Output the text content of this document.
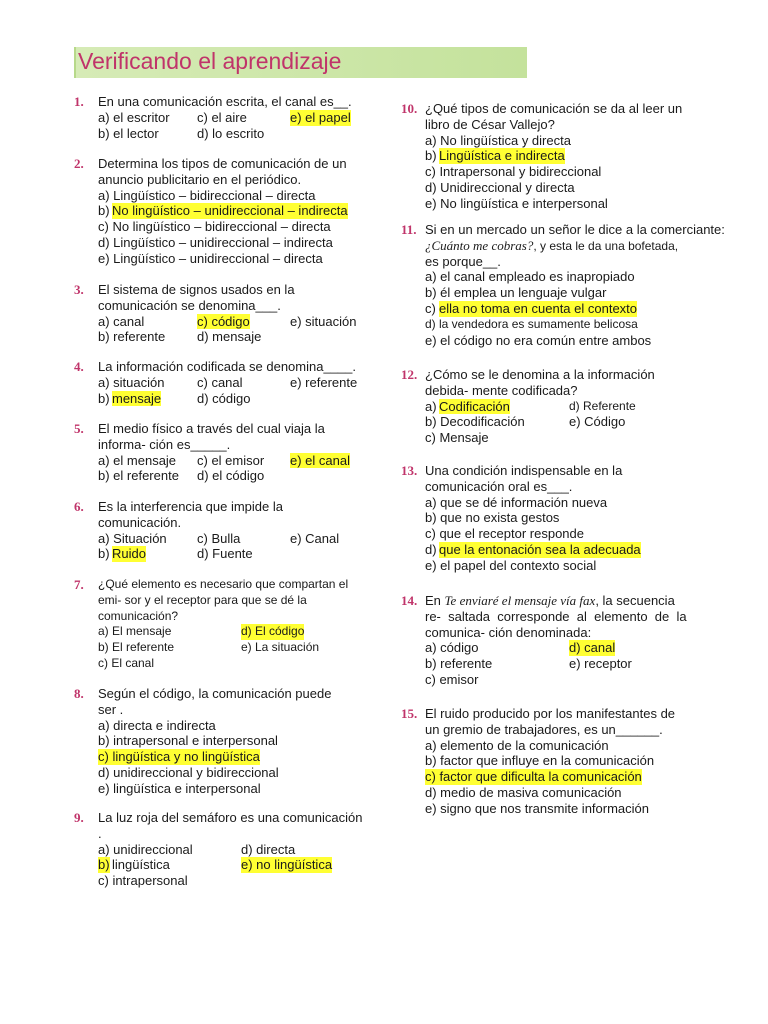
Verificando el aprendizaje
1. En una comunicación escrita, el canal es__.
a) el escritor c) el aire	e) el papel
b) el lector	d) lo escrito
2. Determina los tipos de comunicación de un
anuncio publicitario en el periódico.
a) Lingüístico – bidireccional – directa
b) No lingüístico – unidireccional – indirecta
c) No lingüístico – bidireccional – directa
d) Lingüístico – unidireccional – indirecta
e) Lingüístico – unidireccional – directa
3. El sistema de signos usados en la
comunicación se denomina___.
a) canal	c) código	e) situación
b) referente d) mensaje
4. La información codificada se denomina____.
a) situación	c) canal	e) referente
b) mensaje	d) código
5. El medio físico a través del cual viaja la
informa- ción es_____.
a) el mensaje c) el emisor e) el canal
b) el referente d) el código
6. Es la interferencia que impide la
comunicación.
a) Situación c) Bulla	e) Canal
b) Ruido	d) Fuente
7. ¿Qué elemento es necesario que compartan el
emi- sor y el receptor para que se dé la
comunicación?
a) El mensaje	d) El código
b) El referente	e) La situación
c) El canal
8. Según el código, la comunicación puede
ser .
a) directa e indirecta
b) intrapersonal e interpersonal
c) lingüística y no lingüística
d) unidireccional y bidireccional
e) lingüística e interpersonal
9. La luz roja del semáforo es una comunicación
.
a) unidireccional	d) directa
b) lingüística	e) no lingüística
c) intrapersonal
10. ¿Qué tipos de comunicación se da al leer un
libro de César Vallejo?
a) No lingüística y directa
b) Lingüística e indirecta
c) Intrapersonal y bidireccional
d) Unidireccional y directa
e) No lingüística e interpersonal
11. Si en un mercado un señor le dice a la comerciante:
¿Cuánto me cobras?, y esta le da una bofetada,
es porque__.
a) el canal empleado es inapropiado
b) él emplea un lenguaje vulgar
c) ella no toma en cuenta el contexto
d) la vendedora es sumamente belicosa
e) el código no era común entre ambos
12. ¿Cómo se le denomina a la información
debida- mente codificada?
a) Codificación	d) Referente
b) Decodificación	e) Código
c) Mensaje
13. Una condición indispensable en la
comunicación oral es___.
a) que se dé información nueva
b) que no exista gestos
c) que el receptor responde
d) que la entonación sea la adecuada
e) el papel del contexto social
14. En Te enviaré el mensaje vía fax, la secuencia
re-  saltada  corresponde  al  elemento  de  la
comunica- ción denominada:
a) código	d) canal
b) referente	e) receptor
c) emisor
15. El ruido producido por los manifestantes de
un gremio de trabajadores, es un______.
a) elemento de la comunicación
b) factor que influye en la comunicación
c) factor que dificulta la comunicación
d) medio de masiva comunicación
e) signo que nos transmite información
